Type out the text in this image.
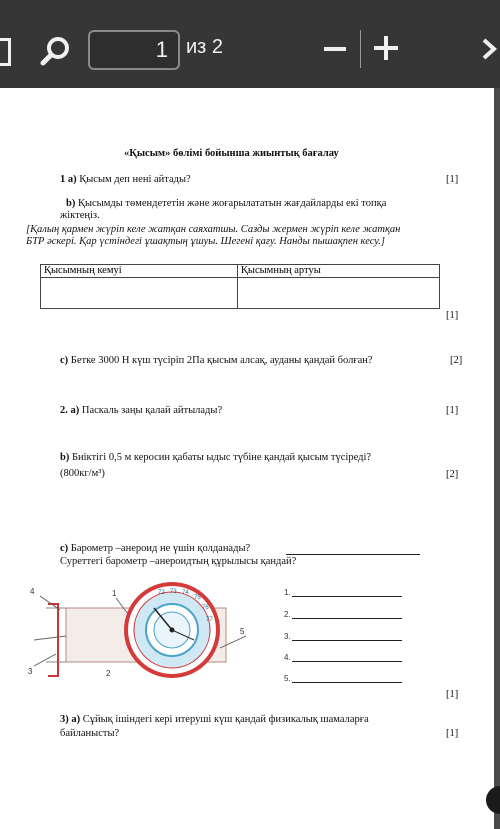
1 из 2
«Қысым» бөлімі бойынша жиынтық бағалау
1 а) Қысым деп нені айтады?	[1]
b) Қысымды төмендететін және жоғарылататын жағдайларды екі топқа
жіктеңіз.
[Қалың қармен жүріп келе жатқан саяхатшы. Сазды жермен жүріп келе жатқан
БТР әскері. Қар үстіндегі ұшақтың ұшуы. Шегені қағу. Нанды пышақпен кесу.]
Қысымның кемуі	Қысымның артуы

[1]
c) Бетке 3000 Н күш түсіріп 2Па қысым алсақ, ауданы қандай болған?	[2]
2. а) Паскаль заңы қалай айтылады?	[1]
b) Биіктігі 0,5 м керосин қабаты ыдыс түбіне қандай қысым түсіреді?
(800кг/м³)	[2]
c) Барометр –анероид не үшін қолданады?
Суреттегі барометр –анероидтың құрылысы қандай?
4	1
2
3
5
72 73 74
75
76
77
1.
2.
3.
4.
5.
[1]
3) а) Сұйық ішіндегі кері итеруші күш қандай физикалық шамаларға
байланысты?	[1]
